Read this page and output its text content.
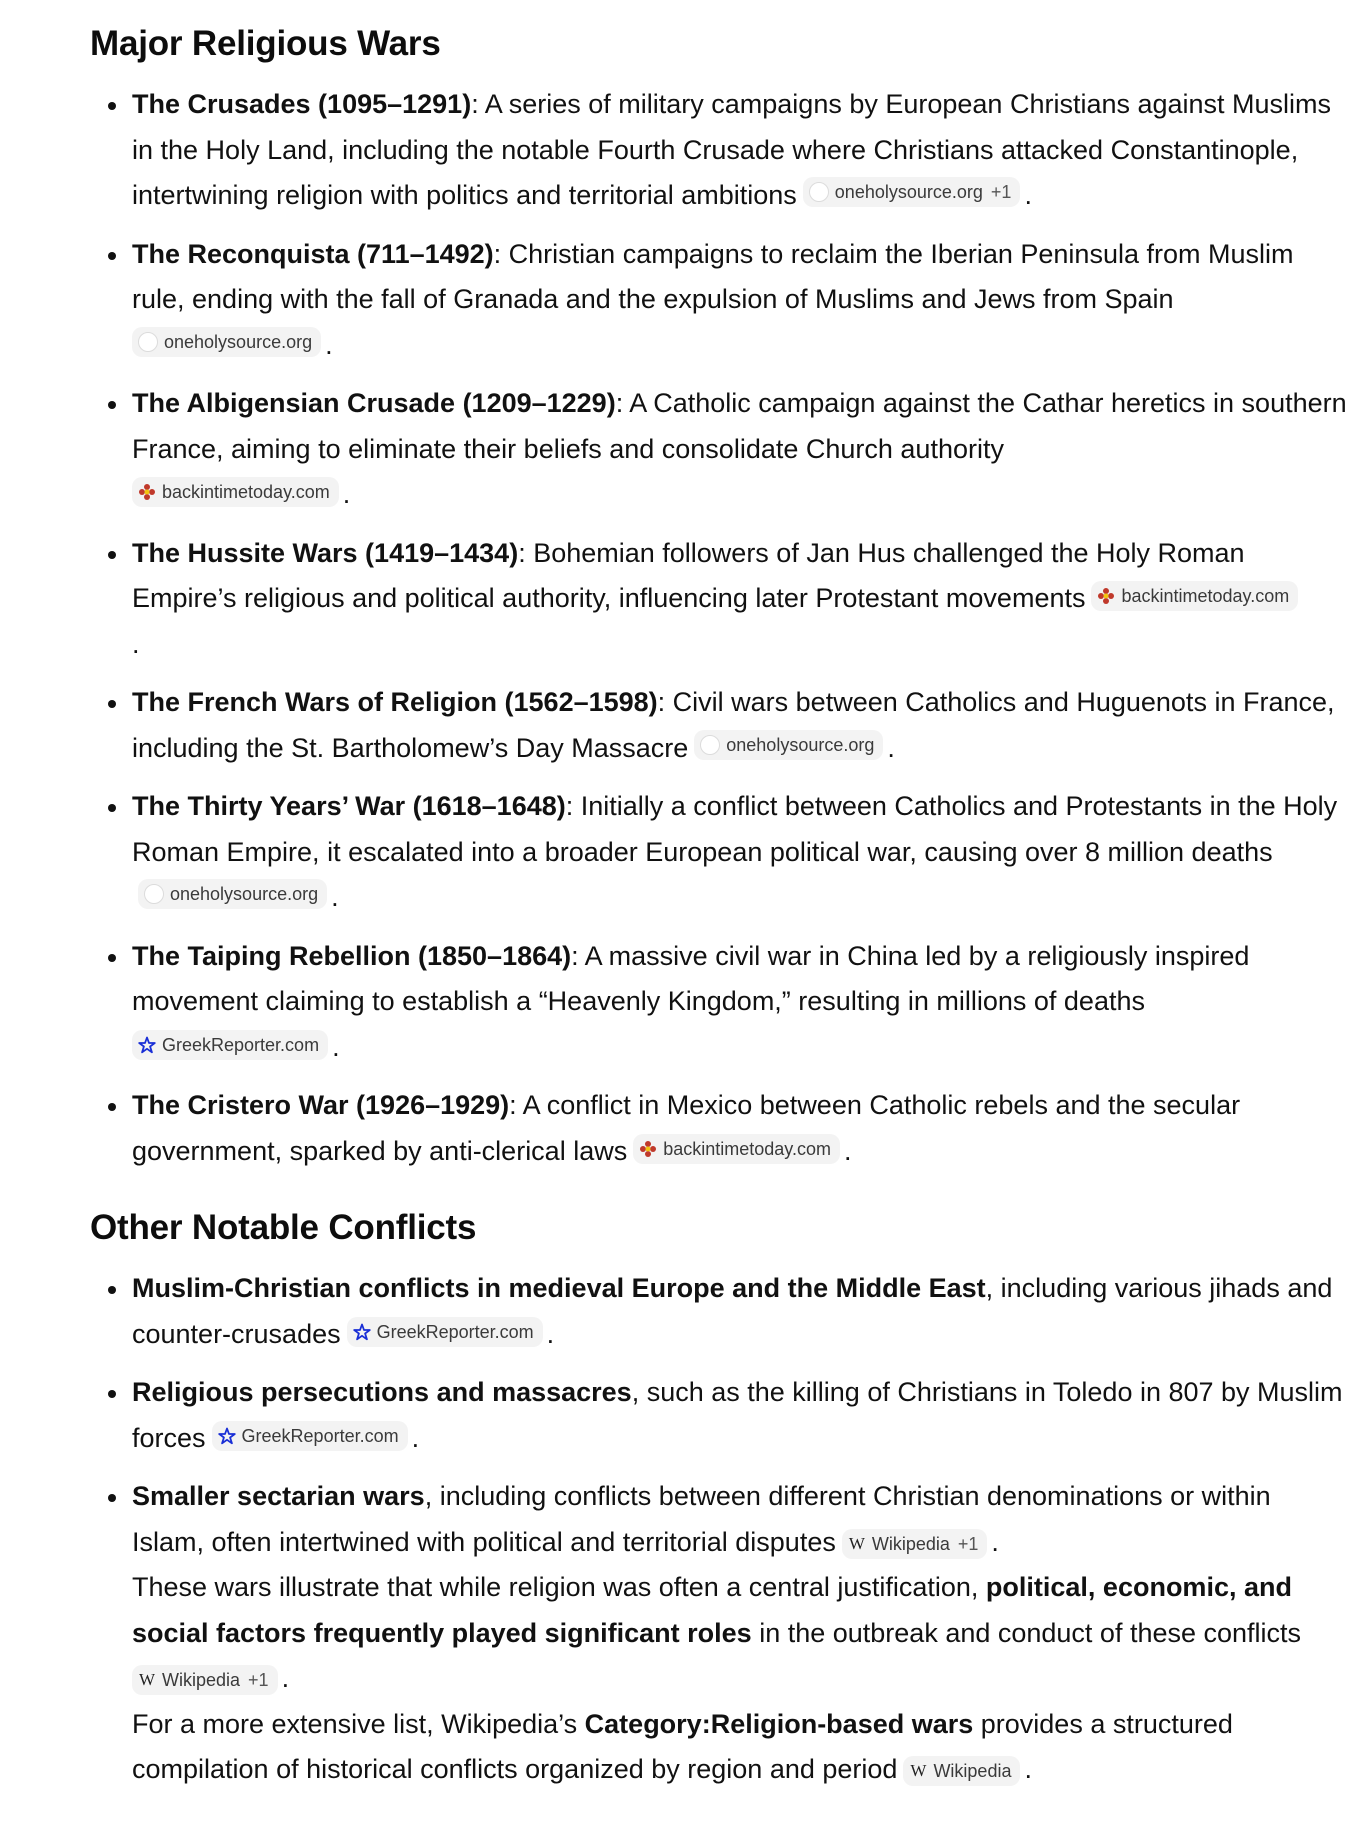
Major Religious Wars
The Crusades (1095–1291): A series of military campaigns by European Christians against Muslims in the Holy Land, including the notable Fourth Crusade where Christians attacked Constantinople, intertwining religion with politics and territorial ambitions oneholysource.org +1 .
The Reconquista (711–1492): Christian campaigns to reclaim the Iberian Peninsula from Muslim rule, ending with the fall of Granada and the expulsion of Muslims and Jews from Spain

oneholysource.org .
The Albigensian Crusade (1209–1229): A Catholic campaign against the Cathar heretics in southern France, aiming to eliminate their beliefs and consolidate Church authority

backintimetoday.com .
The Hussite Wars (1419–1434): Bohemian followers of Jan Hus challenged the Holy Roman Empire’s religious and political authority, influencing later Protestant movements backintimetoday.com

.
The French Wars of Religion (1562–1598): Civil wars between Catholics and Huguenots in France, including the St. Bartholomew’s Day Massacre oneholysource.org .
The Thirty Years’ War (1618–1648): Initially a conflict between Catholics and Protestants in the Holy Roman Empire, it escalated into a broader European political war, causing over 8 million deaths
oneholysource.org .
The Taiping Rebellion (1850–1864): A massive civil war in China led by a religiously inspired movement claiming to establish a “Heavenly Kingdom,” resulting in millions of deaths

GreekReporter.com .
The Cristero War (1926–1929): A conflict in Mexico between Catholic rebels and the secular government, sparked by anti-clerical laws backintimetoday.com .
Other Notable Conflicts
Muslim-Christian conflicts in medieval Europe and the Middle East, including various jihads and counter-crusades GreekReporter.com .
Religious persecutions and massacres, such as the killing of Christians in Toledo in 807 by Muslim forces GreekReporter.com .
Smaller sectarian wars, including conflicts between different Christian denominations or within Islam, often intertwined with political and territorial disputes W Wikipedia +1 .
These wars illustrate that while religion was often a central justification, political, economic, and social factors frequently played significant roles in the outbreak and conduct of these conflicts

W Wikipedia +1 .
For a more extensive list, Wikipedia’s Category:Religion-based wars provides a structured compilation of historical conflicts organized by region and period W Wikipedia .
